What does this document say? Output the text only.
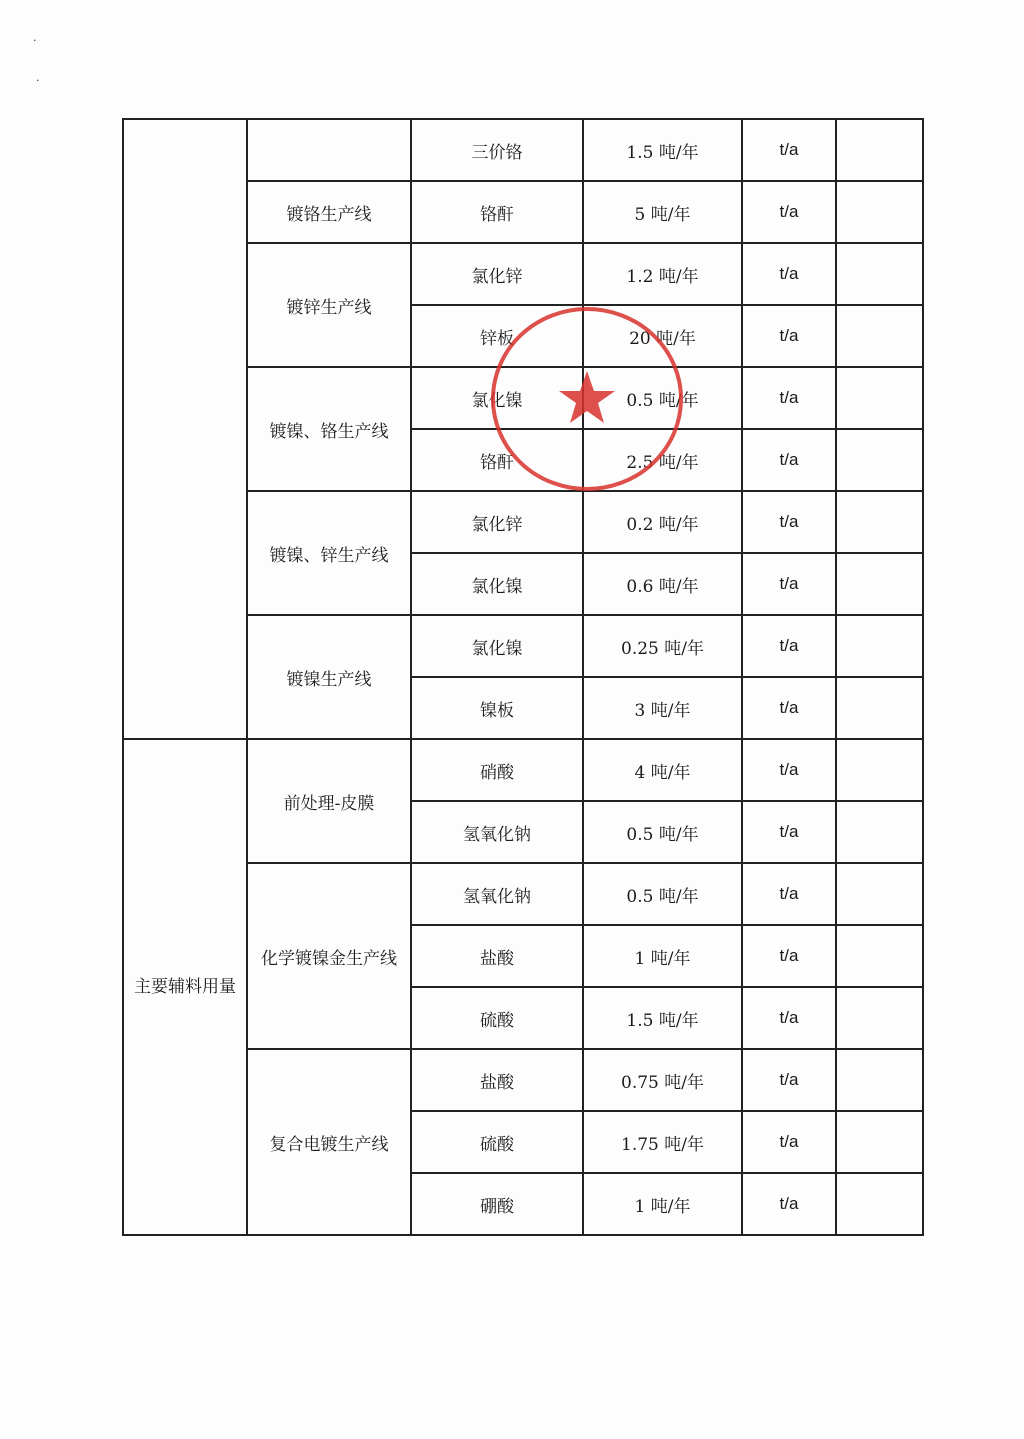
·
·
		三价铬	1.5 吨/年	t/a	
	镀铬生产线	铬酐	5 吨/年	t/a	
	镀锌生产线	氯化锌	1.2 吨/年	t/a	
		锌板	20 吨/年	t/a	
	镀镍、铬生产线	氯化镍	0.5 吨/年	t/a	
		铬酐	2.5 吨/年	t/a	
	镀镍、锌生产线	氯化锌	0.2 吨/年	t/a	
		氯化镍	0.6 吨/年	t/a	
	镀镍生产线	氯化镍	0.25 吨/年	t/a	
		镍板	3 吨/年	t/a	
主要辅料用量	前处理-皮膜	硝酸	4 吨/年	t/a	
		氢氧化钠	0.5 吨/年	t/a	
	化学镀镍金生产线	氢氧化钠	0.5 吨/年	t/a	
		盐酸	1 吨/年	t/a	
		硫酸	1.5 吨/年	t/a	
	复合电镀生产线	盐酸	0.75 吨/年	t/a	
		硫酸	1.75 吨/年	t/a	
		硼酸	1 吨/年	t/a	
